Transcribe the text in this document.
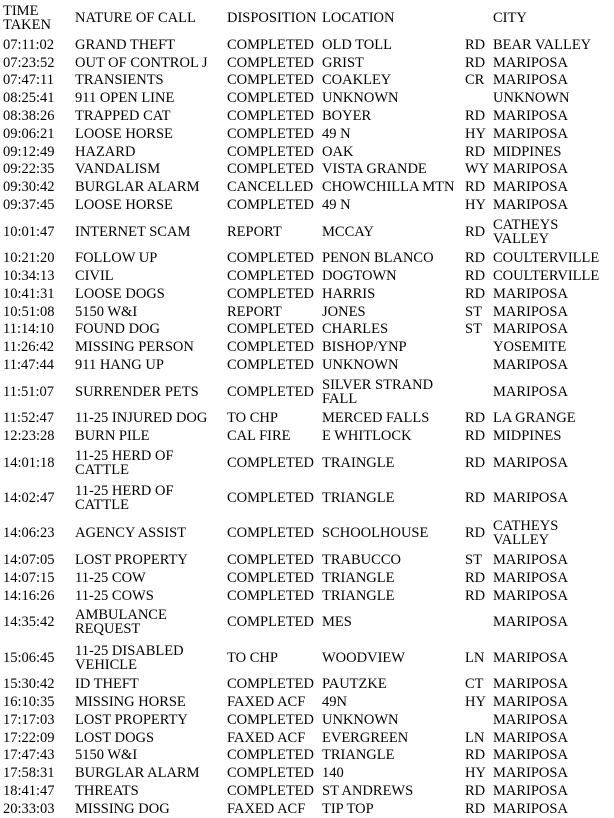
TIME
TAKEN	NATURE OF CALL	DISPOSITION LOCATION	CITY
07:11:02	GRAND THEFT	COMPLETED OLD TOLL	RD BEAR VALLEY
07:23:52	OUT OF CONTROL J	COMPLETED GRIST	RD MARIPOSA
07:47:11	TRANSIENTS	COMPLETED COAKLEY	CR MARIPOSA
08:25:41	911 OPEN LINE	COMPLETED UNKNOWN	UNKNOWN
08:38:26	TRAPPED CAT	COMPLETED BOYER	RD MARIPOSA
09:06:21	LOOSE HORSE	COMPLETED 49 N	HY MARIPOSA
09:12:49	HAZARD	COMPLETED OAK	RD MIDPINES
09:22:35	VANDALISM	COMPLETED VISTA GRANDE	WY MARIPOSA
09:30:42	BURGLAR ALARM	CANCELLED CHOWCHILLA MTN RD MARIPOSA
09:37:45	LOOSE HORSE	COMPLETED 49 N	HY MARIPOSA
10:01:47	INTERNET SCAM	REPORT	MCCAY	RD CATHEYS
VALLEY
10:21:20	FOLLOW UP	COMPLETED PENON BLANCO	RD COULTERVILLE
10:34:13	CIVIL	COMPLETED DOGTOWN	RD COULTERVILLE
10:41:31	LOOSE DOGS	COMPLETED HARRIS	RD MARIPOSA
10:51:08	5150 W&I	REPORT	JONES	ST MARIPOSA
11:14:10	FOUND DOG	COMPLETED CHARLES	ST MARIPOSA
11:26:42	MISSING PERSON	COMPLETED BISHOP/YNP	YOSEMITE
11:47:44	911 HANG UP	COMPLETED UNKNOWN	MARIPOSA
11:51:07	SURRENDER PETS	COMPLETED SILVER STRAND
FALL	MARIPOSA
11:52:47	11-25 INJURED DOG	TO CHP	MERCED FALLS	RD LA GRANGE
12:23:28	BURN PILE	CAL FIRE	E WHITLOCK	RD MIDPINES
14:01:18	11-25 HERD OF
CATTLE	COMPLETED TRAINGLE	RD MARIPOSA
14:02:47	11-25 HERD OF
CATTLE	COMPLETED TRIANGLE	RD MARIPOSA
14:06:23	AGENCY ASSIST	COMPLETED SCHOOLHOUSE	RD CATHEYS
VALLEY
14:07:05	LOST PROPERTY	COMPLETED TRABUCCO	ST MARIPOSA
14:07:15	11-25 COW	COMPLETED TRIANGLE	RD MARIPOSA
14:16:26	11-25 COWS	COMPLETED TRIANGLE	RD MARIPOSA
14:35:42	AMBULANCE
REQUEST	COMPLETED MES	MARIPOSA
15:06:45	11-25 DISABLED
VEHICLE	TO CHP	WOODVIEW	LN MARIPOSA
15:30:42	ID THEFT	COMPLETED PAUTZKE	CT MARIPOSA
16:10:35	MISSING HORSE	FAXED ACF	49N	HY MARIPOSA
17:17:03	LOST PROPERTY	COMPLETED UNKNOWN	MARIPOSA
17:22:09	LOST DOGS	FAXED ACF	EVERGREEN	LN MARIPOSA
17:47:43	5150 W&I	COMPLETED TRIANGLE	RD MARIPOSA
17:58:31	BURGLAR ALARM	COMPLETED 140	HY MARIPOSA
18:41:47	THREATS	COMPLETED ST ANDREWS	RD MARIPOSA
20:33:03	MISSING DOG	FAXED ACF	TIP TOP	RD MARIPOSA
